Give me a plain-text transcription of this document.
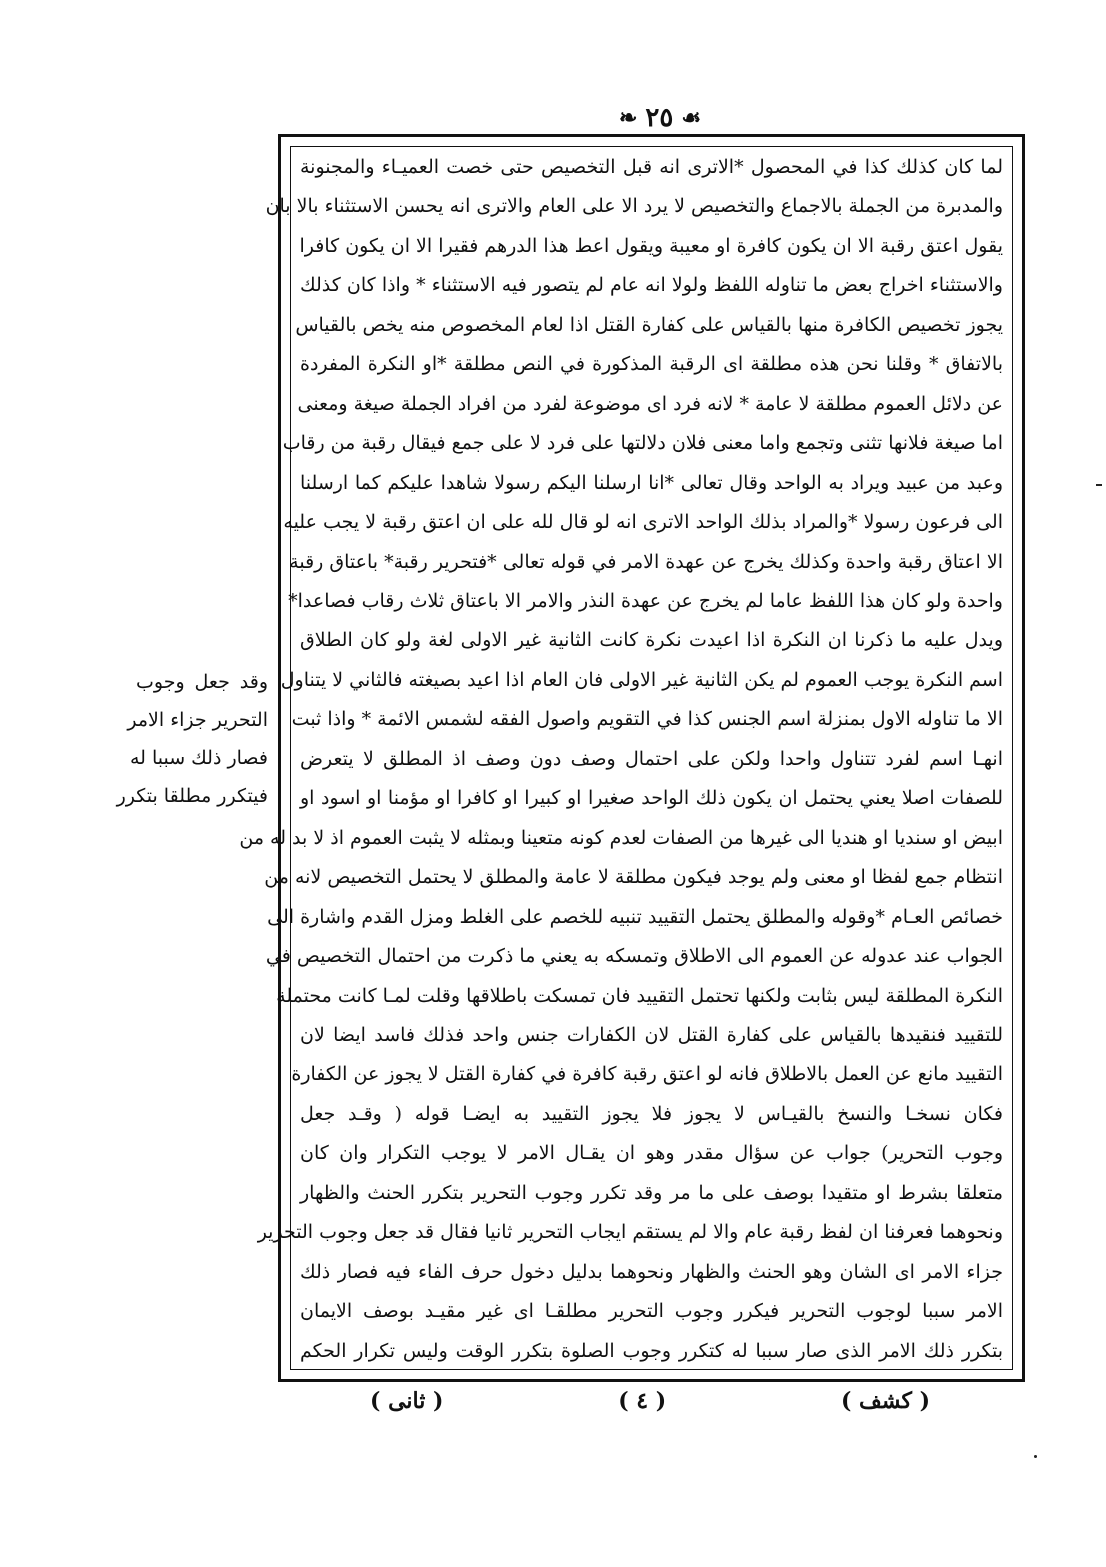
❧ ٢٥ ☙
لما كان كذلك كذا في المحصول *الاترى انه قبل التخصيص حتى خصت العميـاء والمجنونة
والمدبرة من الجملة بالاجماع والتخصيص لا يرد الا على العام والاترى انه يحسن الاستثناء بالا بان
يقول اعتق رقبة الا ان يكون كافرة او معيبة ويقول اعط هذا الدرهم فقيرا الا ان يكون كافرا
والاستثناء اخراج بعض ما تناوله اللفظ ولولا انه عام لم يتصور فيه الاستثناء * واذا كان كذلك
يجوز تخصيص الكافرة منها بالقياس على كفارة القتل اذا لعام المخصوص منه يخص بالقياس
بالاتفاق * وقلنا نحن هذه مطلقة اى الرقبة المذكورة في النص مطلقة *او النكرة المفردة
عن دلائل العموم مطلقة لا عامة * لانه فرد اى موضوعة لفرد من افراد الجملة صيغة ومعنى
اما صيغة فلانها تثنى وتجمع واما معنى فلان دلالتها على فرد لا على جمع فيقال رقبة من رقاب
وعبد من عبيد ويراد به الواحد وقال تعالى *انا ارسلنا اليكم رسولا شاهدا عليكم كما ارسلنا
الى فرعون رسولا *والمراد بذلك الواحد الاترى انه لو قال لله على ان اعتق رقبة لا يجب عليه
الا اعتاق رقبة واحدة وكذلك يخرج عن عهدة الامر في قوله تعالى *فتحرير رقبة* باعتاق رقبة
واحدة ولو كان هذا اللفظ عاما لم يخرج عن عهدة النذر والامر الا باعتاق ثلاث رقاب فصاعدا*
ويدل عليه ما ذكرنا ان النكرة اذا اعيدت نكرة كانت الثانية غير الاولى لغة ولو كان الطلاق
اسم النكرة يوجب العموم لم يكن الثانية غير الاولى فان العام اذا اعيد بصيغته فالثاني لا يتناول
الا ما تناوله الاول بمنزلة اسم الجنس كذا في التقويم واصول الفقه لشمس الائمة * واذا ثبت
انهـا اسم لفرد تتناول واحدا ولكن على احتمال وصف دون وصف اذ المطلق لا يتعرض
للصفات اصلا يعني يحتمل ان يكون ذلك الواحد صغيرا او كبيرا او كافرا او مؤمنا او اسود او
ابيض او سنديا او هنديا الى غيرها من الصفات لعدم كونه متعينا وبمثله لا يثبت العموم اذ لا بد له من
انتظام جمع لفظا او معنى ولم يوجد فيكون مطلقة لا عامة والمطلق لا يحتمل التخصيص لانه من
خصائص العـام *وقوله والمطلق يحتمل التقييد تنبيه للخصم على الغلط ومزل القدم واشارة الى
الجواب عند عدوله عن العموم الى الاطلاق وتمسكه به يعني ما ذكرت من احتمال التخصيص في
النكرة المطلقة ليس بثابت ولكنها تحتمل التقييد فان تمسكت باطلاقها وقلت لمـا كانت محتملة
للتقييد فنقيدها بالقياس على كفارة القتل لان الكفارات جنس واحد فذلك فاسد ايضا لان
التقييد مانع عن العمل بالاطلاق فانه لو اعتق رقبة كافرة في كفارة القتل لا يجوز عن الكفارة
فكان نسخـا والنسخ بالقيـاس لا يجوز فلا يجوز التقييد به ايضـا قوله ( وقـد جعل
وجوب التحرير) جواب عن سؤال مقدر وهو ان يقـال الامر لا يوجب التكرار وان كان
متعلقا بشرط او متقيدا بوصف على ما مر وقد تكرر وجوب التحرير بتكرر الحنث والظهار
ونحوهما فعرفنا ان لفظ رقبة عام والا لم يستقم ايجاب التحرير ثانيا فقال قد جعل وجوب التحرير
جزاء الامر اى الشان وهو الحنث والظهار ونحوهما بدليل دخول حرف الفاء فيه فصار ذلك
الامر سببا لوجوب التحرير فيكرر وجوب التحرير مطلقـا اى غير مقيـد بوصف الايمان
بتكرر ذلك الامر الذى صار سببا له كتكرر وجوب الصلوة بتكرر الوقت وليس تكرار الحكم
وقد جعل وجوب
التحرير جزاء الامر
فصار ذلك سببا له
فيتكرر مطلقا بتكرر
( كشف )
( ٤ )
( ثانى )
